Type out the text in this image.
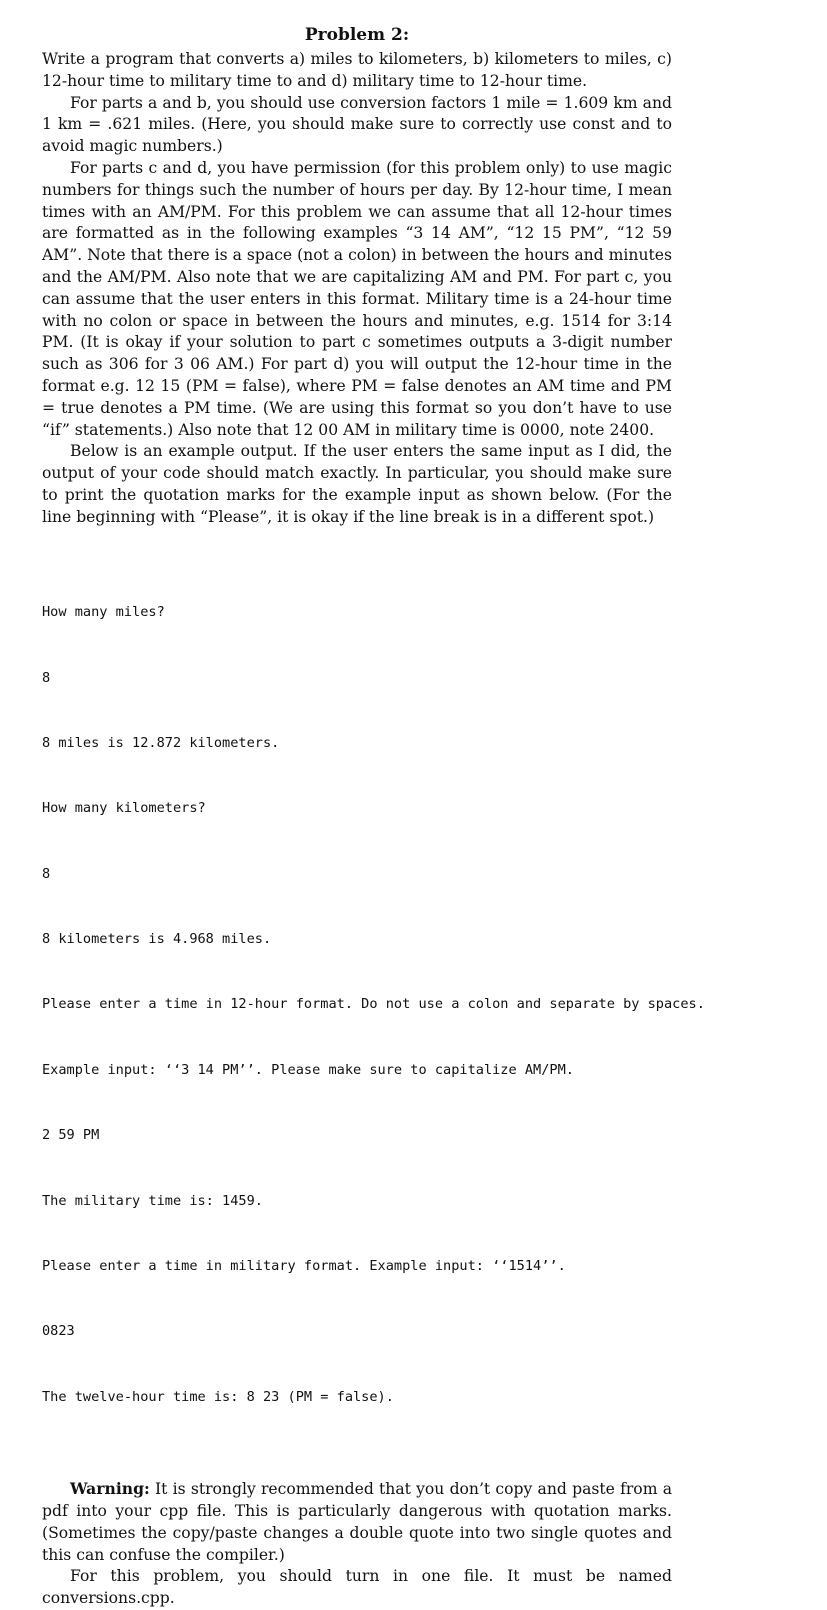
Problem 2:

Write a program that converts a) miles to kilometers, b) kilometers to miles, c) 12-hour time to military time to and d) military time to 12-hour time.

For parts a and b, you should use conversion factors 1 mile = 1.609 km and 1 km = .621 miles. (Here, you should make sure to correctly use const and to avoid magic numbers.)

For parts c and d, you have permission (for this problem only) to use magic numbers for things such the number of hours per day. By 12-hour time, I mean times with an AM/PM. For this problem we can assume that all 12-hour times are formatted as in the following examples “3 14 AM”, “12 15 PM”, “12 59 AM”. Note that there is a space (not a colon) in between the hours and minutes and the AM/PM. Also note that we are capitalizing AM and PM. For part c, you can assume that the user enters in this format. Military time is a 24-hour time with no colon or space in between the hours and minutes, e.g. 1514 for 3:14 PM. (It is okay if your solution to part c sometimes outputs a 3-digit number such as 306 for 3 06 AM.) For part d) you will output the 12-hour time in the format e.g. 12 15 (PM = false), where PM = false denotes an AM time and PM = true denotes a PM time. (We are using this format so you don’t have to use “if” statements.) Also note that 12 00 AM in military time is 0000, note 2400.

Below is an example output. If the user enters the same input as I did, the output of your code should match exactly. In particular, you should make sure to print the quotation marks for the example input as shown below. (For the line beginning with “Please”, it is okay if the line break is in a different spot.)

How many miles?

8

8 miles is 12.872 kilometers.

How many kilometers?

8

8 kilometers is 4.968 miles.

Please enter a time in 12-hour format. Do not use a colon and separate by spaces.

Example input: ‘‘3 14 PM’’. Please make sure to capitalize AM/PM.

2 59 PM

The military time is: 1459.

Please enter a time in military format. Example input: ‘‘1514’’.

0823

The twelve-hour time is: 8 23 (PM = false).

Warning: It is strongly recommended that you don’t copy and paste from a pdf into your cpp file. This is particularly dangerous with quotation marks. (Sometimes the copy/paste changes a double quote into two single quotes and this can confuse the compiler.)

For this problem, you should turn in one file. It must be named conversions.cpp.
